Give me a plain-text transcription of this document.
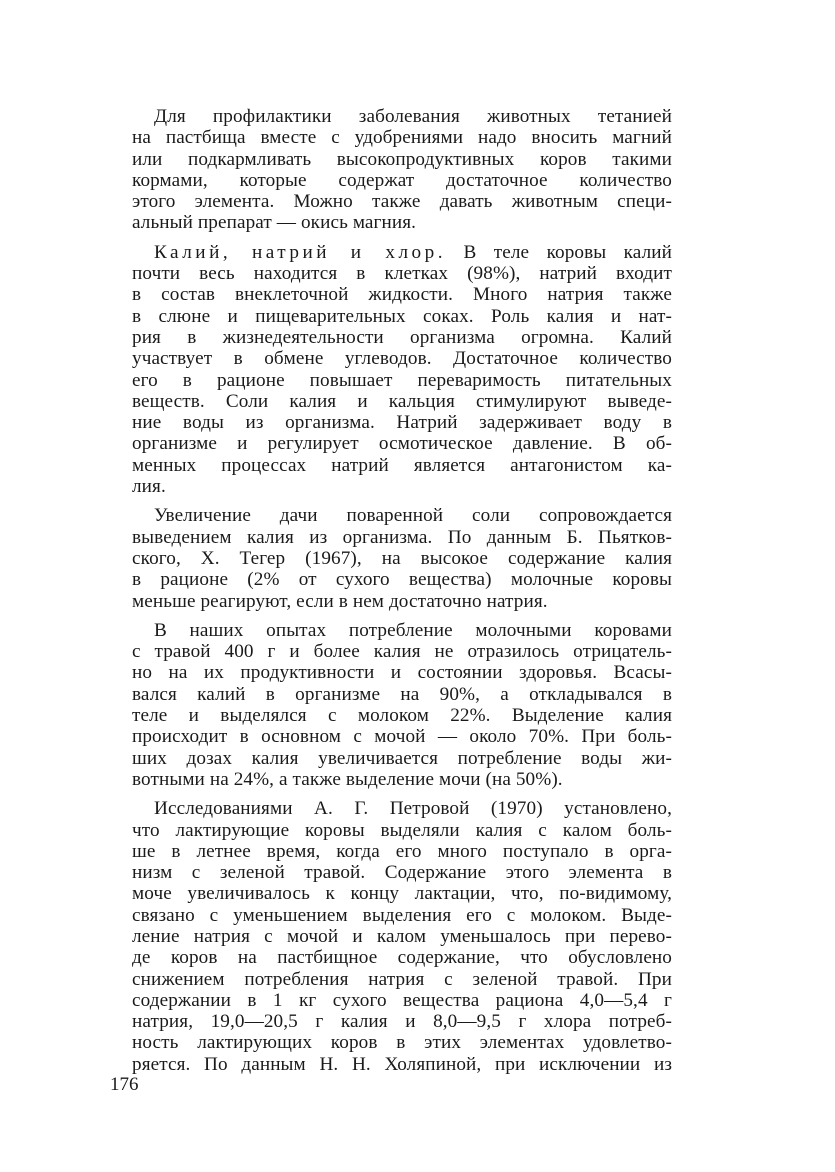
Для профилактики заболевания животных тетанией
на пастбища вместе с удобрениями надо вносить магний
или подкармливать высокопродуктивных коров такими
кормами, которые содержат достаточное количество
этого элемента. Можно также давать животным специ-
альный препарат — окись магния.
Калий, натрий и хлор. В теле коровы калий
почти весь находится в клетках (98%), натрий входит
в состав внеклеточной жидкости. Много натрия также
в слюне и пищеварительных соках. Роль калия и нат-
рия в жизнедеятельности организма огромна. Калий
участвует в обмене углеводов. Достаточное количество
его в рационе повышает переваримость питательных
веществ. Соли калия и кальция стимулируют выведе-
ние воды из организма. Натрий задерживает воду в
организме и регулирует осмотическое давление. В об-
менных процессах натрий является антагонистом ка-
лия.
Увеличение дачи поваренной соли сопровождается
выведением калия из организма. По данным Б. Пьятков-
ского, X. Тегер (1967), на высокое содержание калия
в рационе (2% от сухого вещества) молочные коровы
меньше реагируют, если в нем достаточно натрия.
В наших опытах потребление молочными коровами
с травой 400 г и более калия не отразилось отрицатель-
но на их продуктивности и состоянии здоровья. Всасы-
вался калий в организме на 90%, а откладывался в
теле и выделялся с молоком 22%. Выделение калия
происходит в основном с мочой — около 70%. При боль-
ших дозах калия увеличивается потребление воды жи-
вотными на 24%, а также выделение мочи (на 50%).
Исследованиями А. Г. Петровой (1970) установлено,
что лактирующие коровы выделяли калия с калом боль-
ше в летнее время, когда его много поступало в орга-
низм с зеленой травой. Содержание этого элемента в
моче увеличивалось к концу лактации, что, по-видимому,
связано с уменьшением выделения его с молоком. Выде-
ление натрия с мочой и калом уменьшалось при перево-
де коров на пастбищное содержание, что обусловлено
снижением потребления натрия с зеленой травой. При
содержании в 1 кг сухого вещества рациона 4,0—5,4 г
натрия, 19,0—20,5 г калия и 8,0—9,5 г хлора потреб-
ность лактирующих коров в этих элементах удовлетво-
ряется. По данным Н. Н. Холяпиной, при исключении из
176
